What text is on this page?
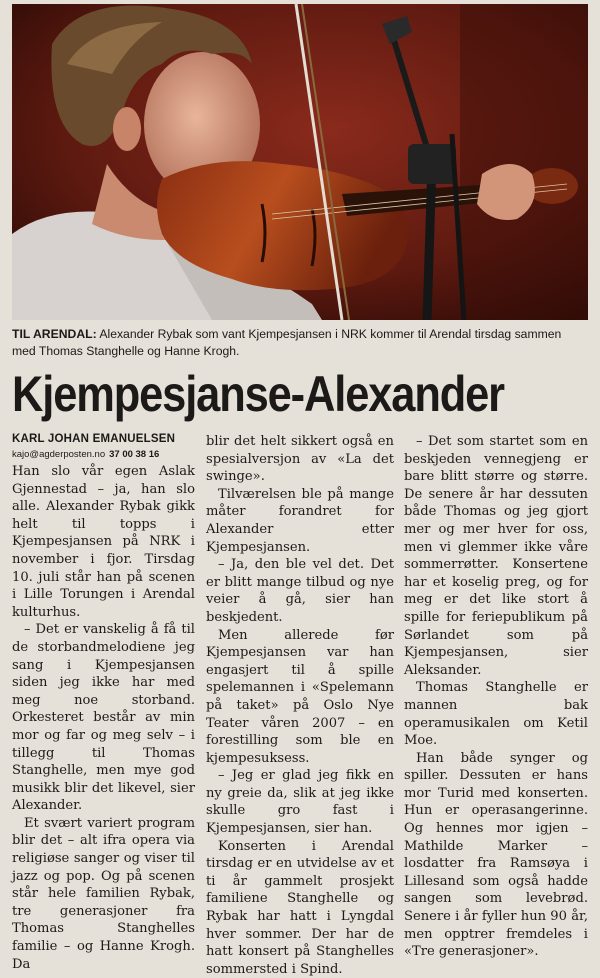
TIL ARENDAL: Alexander Rybak som vant Kjempesjansen i NRK kommer til Arendal tirsdag sammen med Thomas Stanghelle og Hanne Krogh.

Kjempesjanse-Alexander

KARL JOHAN EMANUELSEN

kajo@agderposten.no 37 00 38 16

Han slo vår egen Aslak Gjennestad – ja, han slo alle. Alexander Rybak gikk helt til topps i Kjempesjansen på NRK i november i fjor. Tirsdag 10. juli står han på scenen i Lille Torungen i Arendal kulturhus.

– Det er vanskelig å få til de storbandmelodiene jeg sang i Kjempesjansen siden jeg ikke har med meg noe storband. Orkesteret består av min mor og far og meg selv – i tillegg til Thomas Stanghelle, men mye god musikk blir det likevel, sier Alexander.

Et svært variert program blir det – alt ifra opera via religiøse sanger og viser til jazz og pop. Og på scenen står hele familien Rybak, tre generasjoner fra Thomas Stanghelles familie – og Hanne Krogh. Da

blir det helt sikkert også en spesialversjon av «La det swinge».

Tilværelsen ble på mange måter forandret for Alexander etter Kjempesjansen.

– Ja, den ble vel det. Det er blitt mange tilbud og nye veier å gå, sier han beskjedent.

Men allerede før Kjempesjansen var han engasjert til å spille spelemannen i «Spelemann på taket» på Oslo Nye Teater våren 2007 – en forestilling som ble en kjempesuksess.

– Jeg er glad jeg fikk en ny greie da, slik at jeg ikke skulle gro fast i Kjempesjansen, sier han.

Konserten i Arendal tirsdag er en utvidelse av et ti år gammelt prosjekt familiene Stanghelle og Rybak har hatt i Lyngdal hver sommer. Der har de hatt konsert på Stanghelles sommersted i Spind.

– Det som startet som en beskjeden vennegjeng er bare blitt større og større. De senere år har dessuten både Thomas og jeg gjort mer og mer hver for oss, men vi glemmer ikke våre sommerrøtter. Konsertene har et koselig preg, og for meg er det like stort å spille for feriepublikum på Sørlandet som på Kjempesjansen, sier Aleksander.

Thomas Stanghelle er mannen bak operamusikalen om Ketil Moe.

Han både synger og spiller. Dessuten er hans mor Turid med konserten. Hun er operasangerinne. Og hennes mor igjen – Mathilde Marker – losdatter fra Ramsøya i Lillesand som også hadde sangen som levebrød. Senere i år fyller hun 90 år, men opptrer fremdeles i «Tre generasjoner».
